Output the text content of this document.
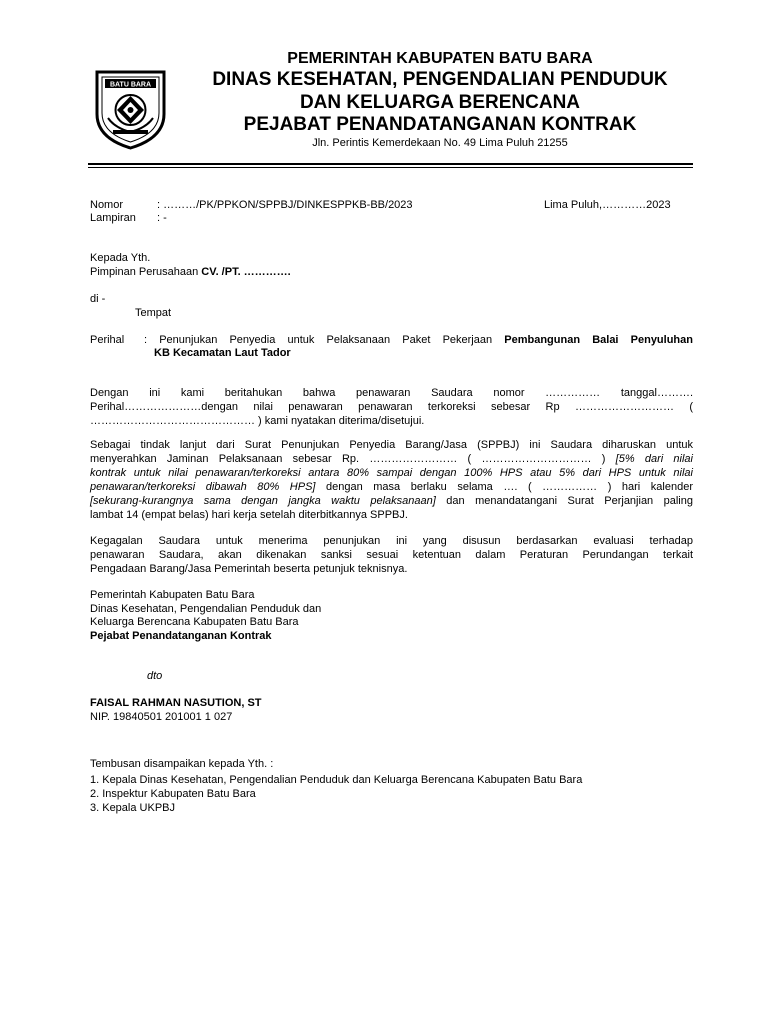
BATU BARA
PEMERINTAH KABUPATEN BATU BARA
DINAS KESEHATAN, PENGENDALIAN PENDUDUK
DAN KELUARGA BERENCANA
PEJABAT PENANDATANGANAN KONTRAK
Jln. Perintis Kemerdekaan No. 49 Lima Puluh 21255
Nomor	: ………/PK/PPKON/SPPBJ/DINKESPPKB-BB/2023	Lima Puluh,…………2023
Lampiran : -
Kepada Yth.
Pimpinan Perusahaan CV. /PT. ………….
di -
Tempat
Perihal : Penunjukan Penyedia untuk Pelaksanaan Paket Pekerjaan Pembangunan Balai Penyuluhan
KB Kecamatan Laut Tador
Dengan ini kami beritahukan bahwa penawaran Saudara nomor …………… tanggal……….
Perihal…………………dengan nilai penawaran penawaran terkoreksi sebesar Rp ……………………… (
……………………………………… ) kami nyatakan diterima/disetujui.
Sebagai tindak lanjut dari Surat Penunjukan Penyedia Barang/Jasa (SPPBJ) ini Saudara diharuskan untuk
menyerahkan Jaminan Pelaksanaan sebesar Rp. …………………… ( ………………………… ) [5% dari nilai
kontrak untuk nilai penawaran/terkoreksi antara 80% sampai dengan 100% HPS atau 5% dari HPS untuk nilai
penawaran/terkoreksi dibawah 80% HPS] dengan masa berlaku selama …. ( …………… ) hari kalender
[sekurang-kurangnya sama dengan jangka waktu pelaksanaan] dan menandatangani Surat Perjanjian paling
lambat 14 (empat belas) hari kerja setelah diterbitkannya SPPBJ.
Kegagalan Saudara untuk menerima penunjukan ini yang disusun berdasarkan evaluasi terhadap
penawaran Saudara, akan dikenakan sanksi sesuai ketentuan dalam Peraturan Perundangan terkait
Pengadaan Barang/Jasa Pemerintah beserta petunjuk teknisnya.
Pemerintah Kabupaten Batu Bara
Dinas Kesehatan, Pengendalian Penduduk dan
Keluarga Berencana Kabupaten Batu Bara
Pejabat Penandatanganan Kontrak
dto
FAISAL RAHMAN NASUTION, ST
NIP. 19840501 201001 1 027
Tembusan disampaikan kepada Yth. :
1. Kepala Dinas Kesehatan, Pengendalian Penduduk dan Keluarga Berencana Kabupaten Batu Bara
2. Inspektur Kabupaten Batu Bara
3. Kepala UKPBJ
